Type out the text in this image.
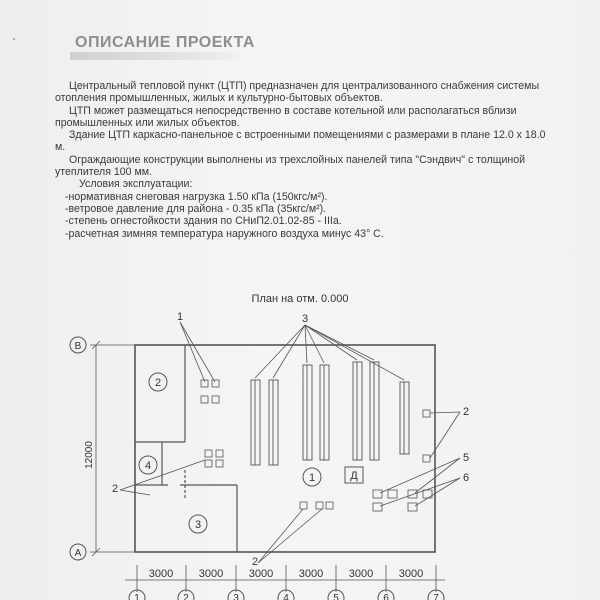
ОПИСАНИЕ ПРОЕКТА

Центральный тепловой пункт (ЦТП) предназначен для централизованного снабжения системы отопления промышленных, жилых и культурно-бытовых объектов.

ЦТП может размещаться непосредственно в составе котельной или располагаться вблизи промышленных или жилых объектов.

Здание ЦТП каркасно-панельное с встроенными помещениями с размерами в плане 12.0 х 18.0 м.

Ограждающие конструкции выполнены из трехслойных панелей типа "Сэндвич" с толщиной утеплителя 100 мм.

Условия эксплуатации:

-нормативная снеговая нагрузка 1.50 кПа (150кгс/м²).

-ветровое давление для района - 0.35 кПа (35кгс/м²).

-степень огнестойкости здания по СНиП2.01.02-85 - IIIа.

-расчетная зимняя температура наружного воздуха минус 43° С.

План на отм. 0.000
B
A
12000
3000 3000 3000 3000 3000 3000
1	2	3	4	5	6	7
1
2
3
4
Д
1	3
2
2
5
6
2
